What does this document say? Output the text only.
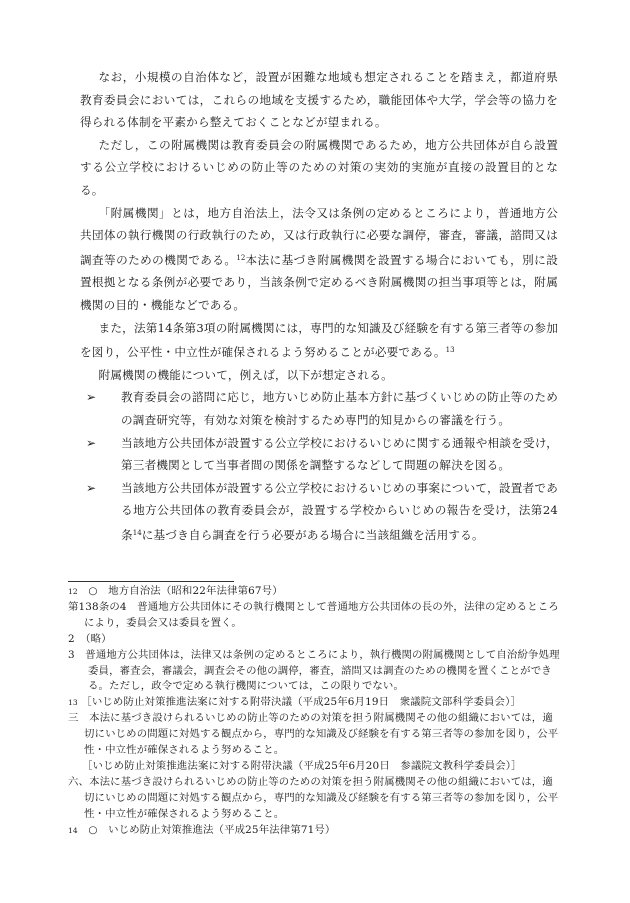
なお，小規模の自治体など，設置が困難な地域も想定されることを踏まえ，都道府県教育委員会においては，これらの地域を支援するため，職能団体や大学，学会等の協力を得られる体制を平素から整えておくことなどが望まれる。

ただし，この附属機関は教育委員会の附属機関であるため，地方公共団体が自ら設置する公立学校におけるいじめの防止等のための対策の実効的実施が直接の設置目的となる。

「附属機関」とは，地方自治法上，法令又は条例の定めるところにより，普通地方公共団体の執行機関の行政執行のため，又は行政執行に必要な調停，審査，審議，諮問又は調査等のための機関である。$^{12}$本法に基づき附属機関を設置する場合においても，別に設置根拠となる条例が必要であり，当該条例で定めるべき附属機関の担当事項等とは，附属機関の目的・機能などである。

また，法第14条第3項の附属機関には，専門的な知識及び経験を有する第三者等の参加を図り，公平性・中立性が確保されるよう努めることが必要である。$^{13}$

附属機関の機能について，例えば，以下が想定される。

➢ 教育委員会の諮問に応じ，地方いじめ防止基本方針に基づくいじめの防止等のための調査研究等，有効な対策を検討するため専門的知見からの審議を行う。

➢ 当該地方公共団体が設置する公立学校におけるいじめに関する通報や相談を受け，第三者機関として当事者間の関係を調整するなどして問題の解決を図る。

➢ 当該地方公共団体が設置する公立学校におけるいじめの事案について，設置者である地方公共団体の教育委員会が，設置する学校からいじめの報告を受け，法第24条$^{14}$に基づき自ら調査を行う必要がある場合に当該組織を活用する。

12　 ○　地方自治法（昭和22年法律第67号）

第138条の4　普通地方公共団体にその執行機関として普通地方公共団体の長の外，法律の定めるところにより，委員会又は委員を置く。

2　（略）

3　普通地方公共団体は，法律又は条例の定めるところにより，執行機関の附属機関として自治紛争処理委員，審査会，審議会，調査会その他の調停，審査，諮問又は調査のための機関を置くことができる。ただし，政令で定める執行機関については，この限りでない。

13 ［いじめ防止対策推進法案に対する附帯決議（平成25年6月19日　衆議院文部科学委員会）］

三　本法に基づき設けられるいじめの防止等のための対策を担う附属機関その他の組織においては，適切にいじめの問題に対処する観点から，専門的な知識及び経験を有する第三者等の参加を図り，公平性・中立性が確保されるよう努めること。

［いじめ防止対策推進法案に対する附帯決議（平成25年6月20日　参議院文教科学委員会）］

六、本法に基づき設けられるいじめの防止等のための対策を担う附属機関その他の組織においては，適切にいじめの問題に対処する観点から，専門的な知識及び経験を有する第三者等の参加を図り，公平性・中立性が確保されるよう努めること。

14　 ○　いじめ防止対策推進法（平成25年法律第71号）
